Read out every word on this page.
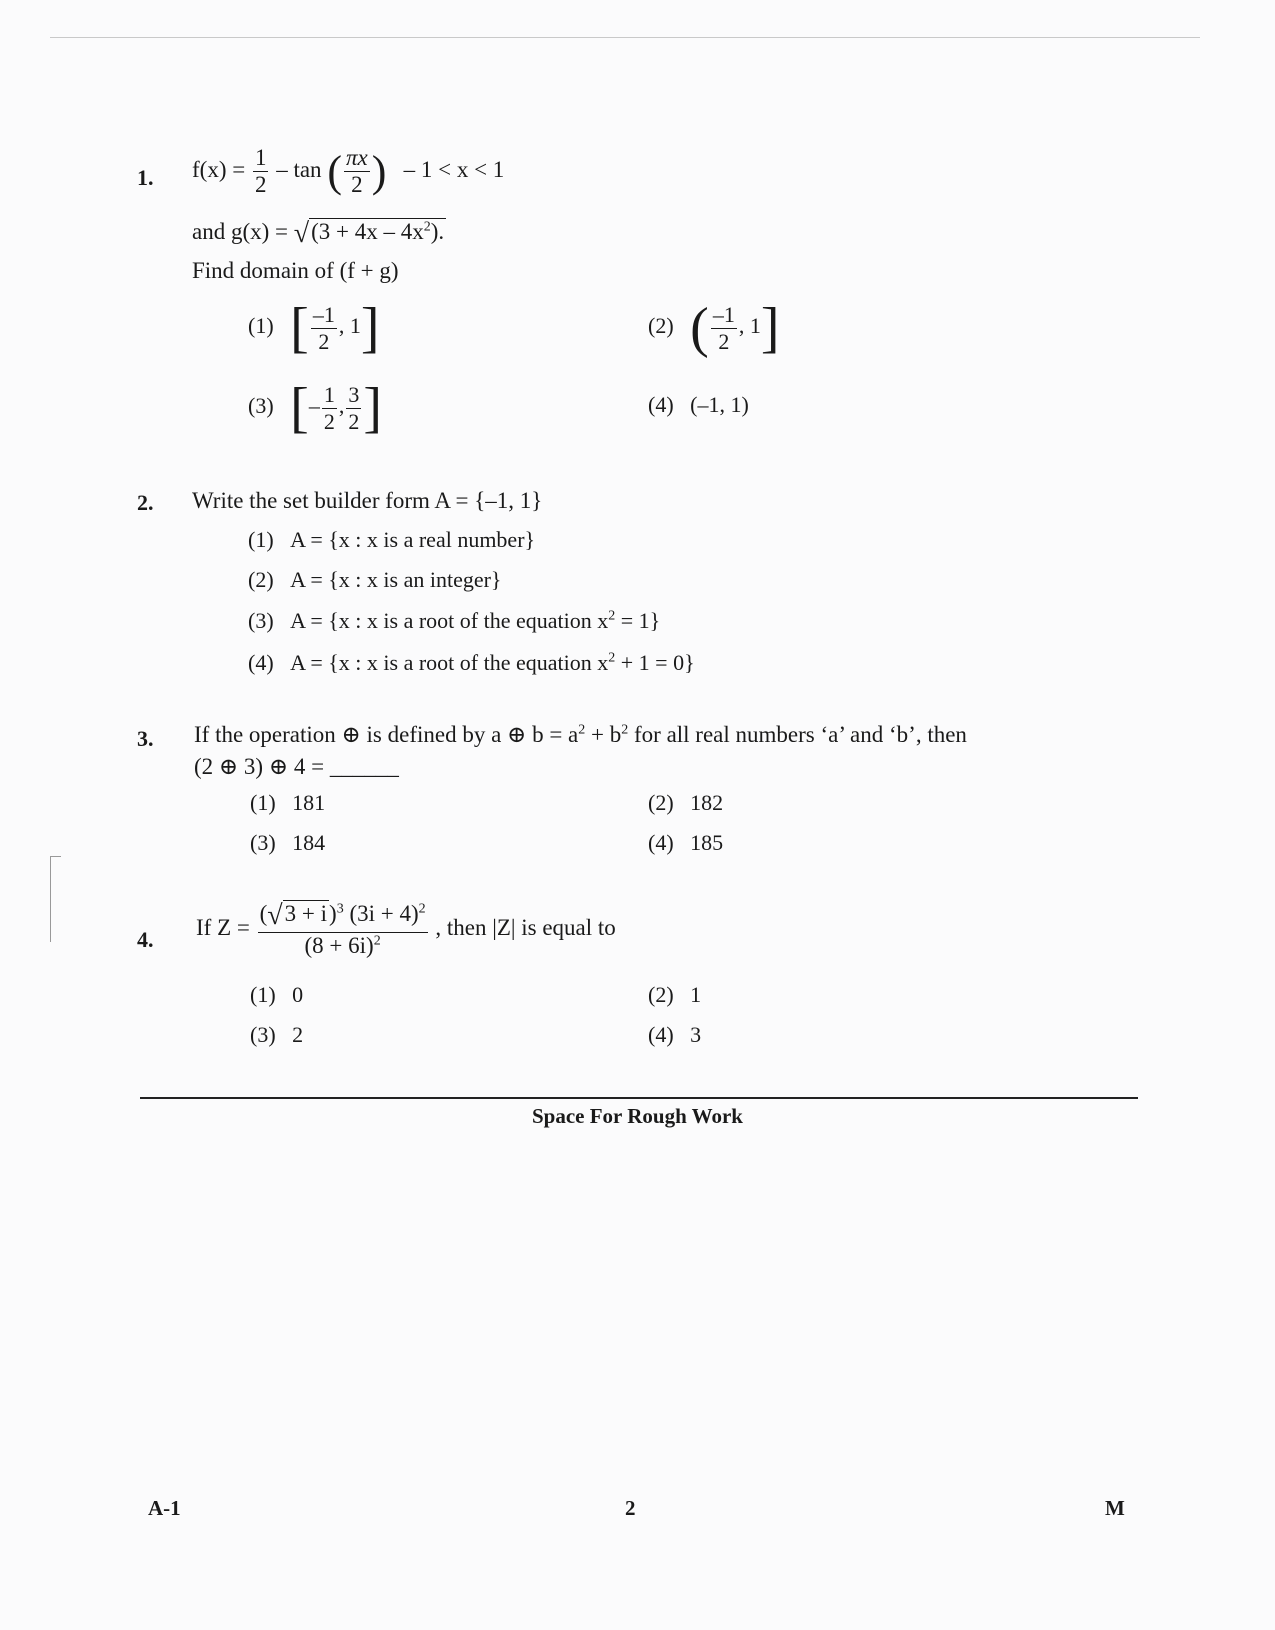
1. $f(x) = \frac{1}{2} - \tan$ ( $\frac{\pi x}{2}$ ) – 1 < x < 1
and $g(x) = √(3 + 4x - 4x^2)$.
Find domain of (f + g)
(1) [ $\frac{-1}{2}$ , 1]	(2) ( $\frac{-1}{2}$ , 1]
(3) [– $\frac{1}{2}$ , $\frac{3}{2}$ ]	(4) (–1, 1)
2. Write the set builder form A = {–1, 1}
(1) A = {x : x is a real number}
(2) A = {x : x is an integer}
(3) A = {x : x is a root of the equation $x^2 = 1$}
(4) A = {x : x is a root of the equation $x^2 + 1 = 0$}
3. If the operation ⊕ is defined by a ⊕ $b = a^2 + b^2$ for all real numbers ‘a’ and ‘b’, then
(2 ⊕ 3) ⊕ 4 = ______
(1) 181	(2) 182
(3) 184	(4) 185
4. If $Z = \frac{(√3 + i)^3 (3i + 4)^2}{(8 + 6i)^2}$ , then |Z| is equal to
(1) 0	(2) 1
(3) 2	(4) 3
Space For Rough Work
A-1	2	M
